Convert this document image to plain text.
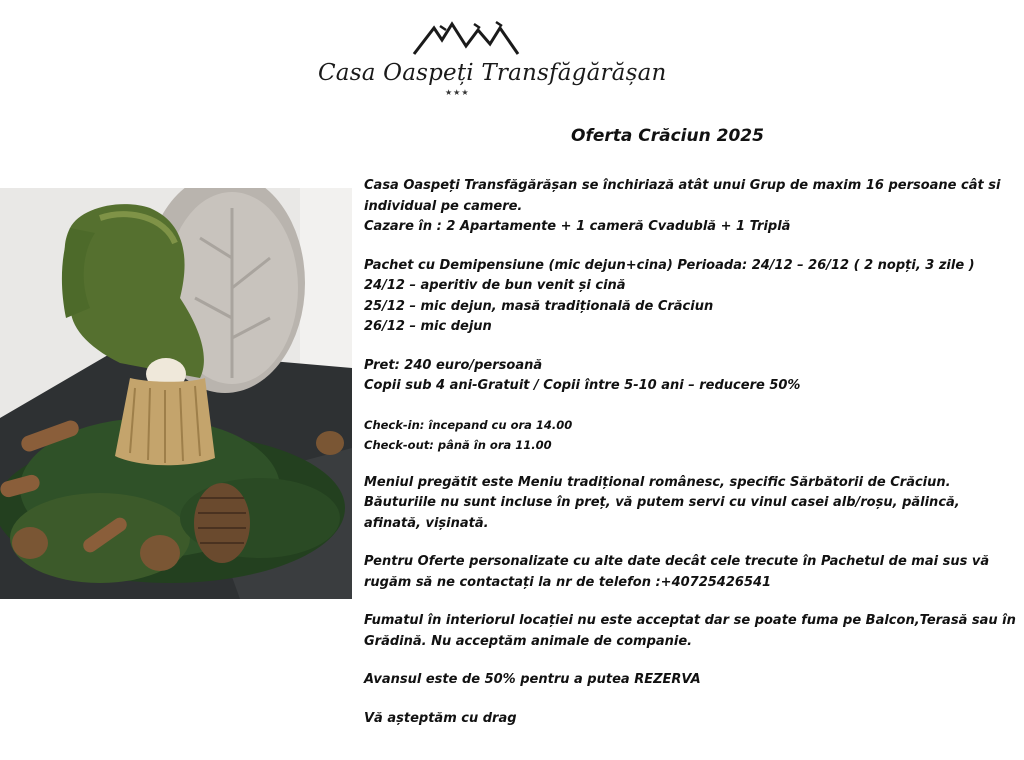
Casa Oaspeți Transfăgărășan
★★★
Oferta Crăciun 2025

Casa Oaspeți Transfăgărășan se închiriază atât unui Grup de maxim 16 persoane cât si

individual pe camere.

Cazare în : 2 Apartamente + 1 cameră Cvadublă + 1 Triplă

Pachet cu Demipensiune (mic dejun+cina) Perioada: 24/12 – 26/12 ( 2 nopți, 3 zile )

24/12 – aperitiv de bun venit și cină

25/12 – mic dejun, masă tradițională de Crăciun

26/12 – mic dejun

Pret: 240 euro/persoană

Copii sub 4 ani-Gratuit / Copii între 5-10 ani – reducere 50%

Check-in: începand cu ora 14.00

Check-out: până în ora 11.00

Meniul pregătit este Meniu tradițional românesc, specific Sărbătorii de Crăciun.

Băuturiile nu sunt incluse în preț, vă putem servi cu vinul casei alb/roșu, pălincă,

afinată, vișinată.

Pentru Oferte personalizate cu alte date decât cele trecute în Pachetul de mai sus vă

rugăm să ne contactați la nr de telefon :+40725426541

Fumatul în interiorul locației nu este acceptat dar se poate fuma pe Balcon,Terasă sau în

Grădină. Nu acceptăm animale de companie.

Avansul este de 50% pentru a putea REZERVA

Vă așteptăm cu drag
